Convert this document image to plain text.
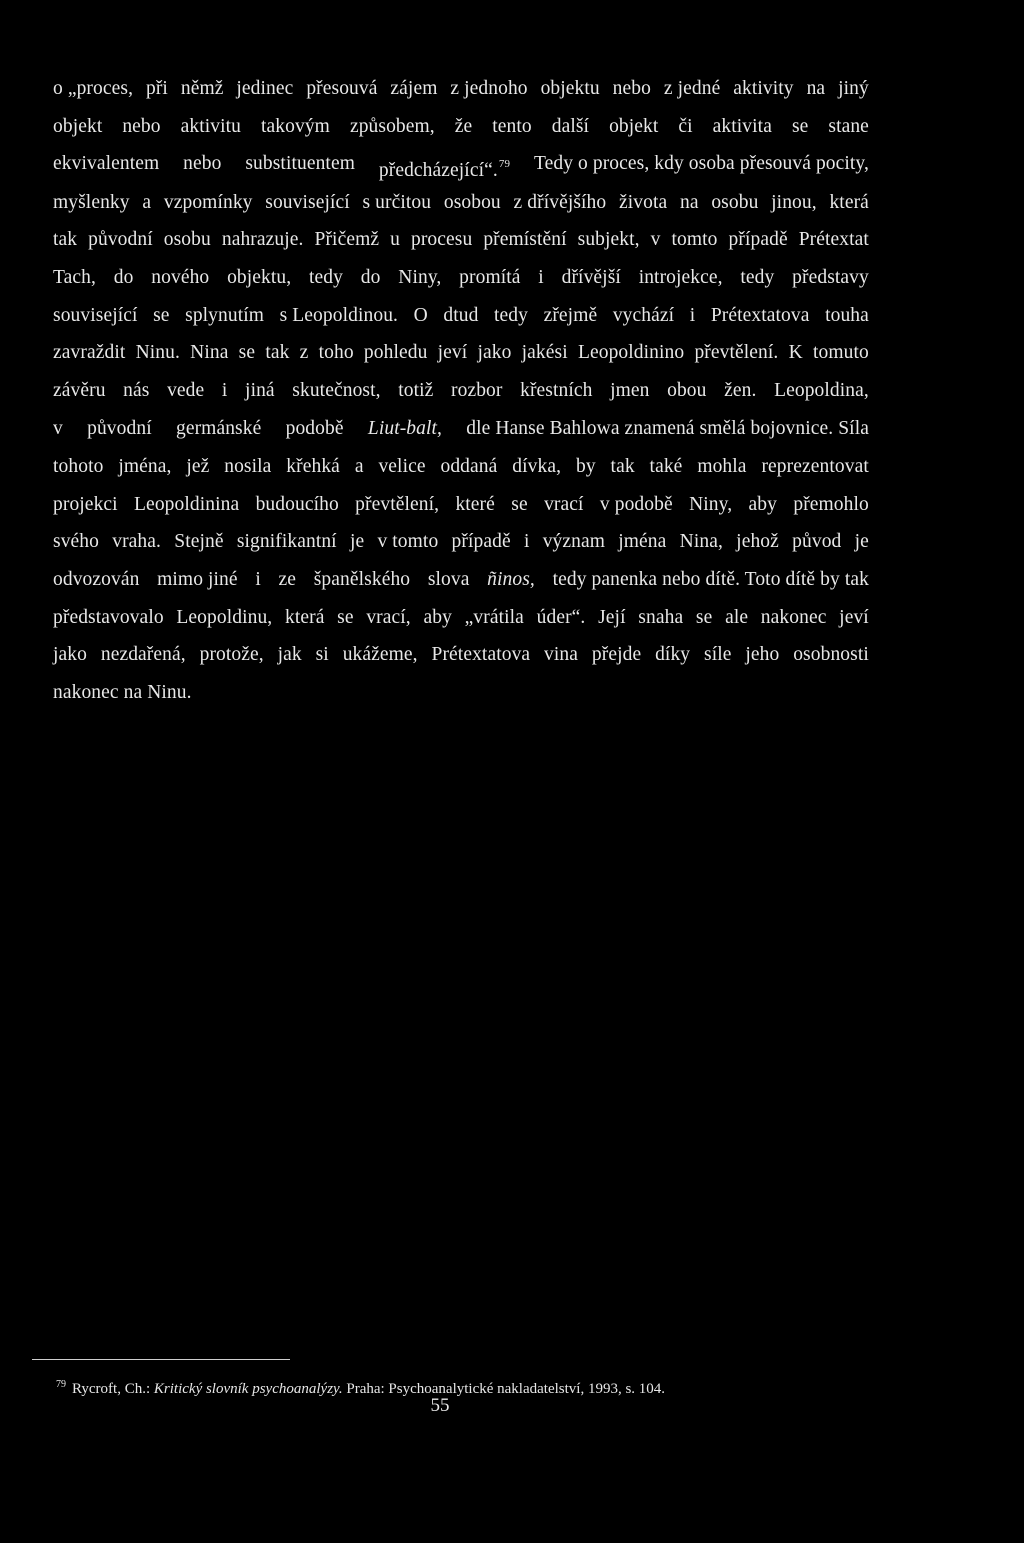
o „proces, při němž jedinec přesouvá zájem z jednoho objektu nebo z jedné aktivity na jiný
objekt nebo aktivitu takovým způsobem, že tento další objekt či aktivita se stane
ekvivalentem nebo substituentem předcházející“.$^{79}$ Tedy o proces, kdy osoba přesouvá pocity,
myšlenky a vzpomínky související s určitou osobou z dřívějšího života na osobu jinou, která
tak původní osobu nahrazuje. Přičemž u procesu přemístění subjekt, v tomto případě Prétextat
Tach, do nového objektu, tedy do Niny, promítá i dřívější introjekce, tedy představy
související se splynutím s Leopoldinou. O dtud tedy zřejmě vychází i Prétextatova touha
zavraždit Ninu. Nina se tak z toho pohledu jeví jako jakési Leopoldinino převtělení. K tomuto
závěru nás vede i jiná skutečnost, totiž rozbor křestních jmen obou žen. Leopoldina,
v původní germánské podobě Liut-balt, dle Hanse Bahlowa znamená smělá bojovnice. Síla
tohoto jména, jež nosila křehká a velice oddaná dívka, by tak také mohla reprezentovat
projekci Leopoldinina budoucího převtělení, které se vrací v podobě Niny, aby přemohlo
svého vraha. Stejně signifikantní je v tomto případě i význam jména Nina, jehož původ je
odvozován mimo jiné i ze španělského slova ñinos, tedy panenka nebo dítě. Toto dítě by tak
představovalo Leopoldinu, která se vrací, aby „vrátila úder“. Její snaha se ale nakonec jeví
jako nezdařená, protože, jak si ukážeme, Prétextatova vina přejde díky síle jeho osobnosti
nakonec na Ninu.
$^{79}$ Rycroft, Ch.: Kritický slovník psychoanalýzy. Praha: Psychoanalytické nakladatelství, 1993, s. 104.
55
